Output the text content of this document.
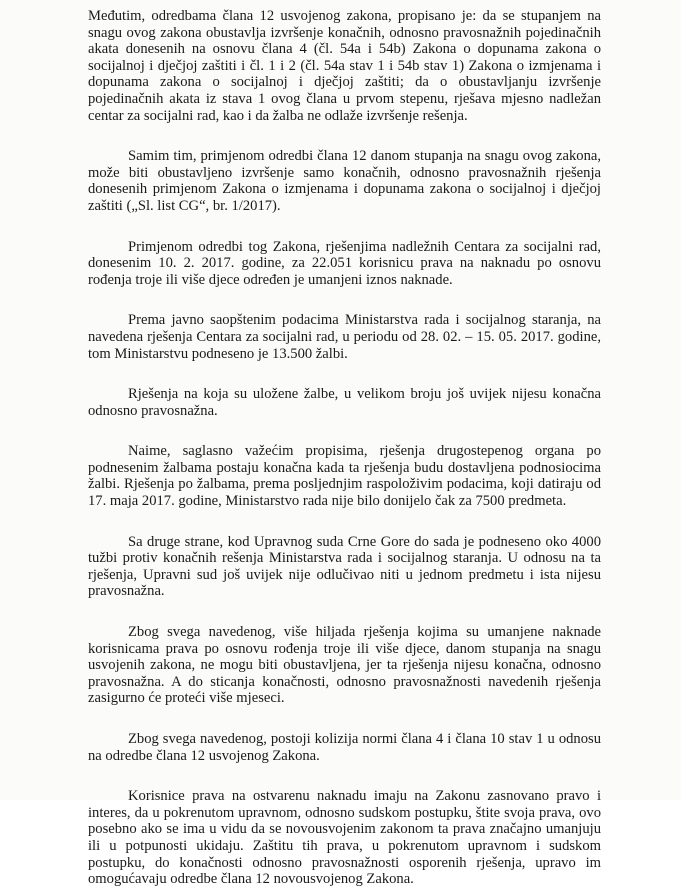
Međutim, odredbama člana 12 usvojenog zakona, propisano je: da se stupanjem na snagu ovog zakona obustavlja izvršenje konačnih, odnosno pravosnažnih pojedinačnih akata donesenih na osnovu člana 4 (čl. 54a i 54b) Zakona o dopunama zakona o socijalnoj i dječjoj zaštiti i čl. 1 i 2 (čl. 54a stav 1 i 54b stav 1) Zakona o izmjenama i dopunama zakona o socijalnoj i dječjoj zaštiti; da o obustavljanju izvršenje pojedinačnih akata iz stava 1 ovog člana u prvom stepenu, rješava mjesno nadležan centar za socijalni rad, kao i da žalba ne odlaže izvršenje rešenja.

Samim tim, primjenom odredbi člana 12 danom stupanja na snagu ovog zakona, može biti obustavljeno izvršenje samo konačnih, odnosno pravosnažnih rješenja donesenih primjenom Zakona o izmjenama i dopunama zakona o socijalnoj i dječjoj zaštiti („Sl. list CG“, br. 1/2017).

Primjenom odredbi tog Zakona, rješenjima nadležnih Centara za socijalni rad, donesenim 10. 2. 2017. godine, za 22.051 korisnicu prava na naknadu po osnovu rođenja troje ili više djece određen je umanjeni iznos naknade.

Prema javno saopštenim podacima Ministarstva rada i socijalnog staranja, na navedena rješenja Centara za socijalni rad, u periodu od 28. 02. – 15. 05. 2017. godine, tom Ministarstvu podneseno je 13.500 žalbi.

Rješenja na koja su uložene žalbe, u velikom broju još uvijek nijesu konačna odnosno pravosnažna.

Naime, saglasno važećim propisima, rješenja drugostepenog organa po podnesenim žalbama postaju konačna kada ta rješenja budu dostavljena podnosiocima žalbi. Rješenja po žalbama, prema posljednjim raspoloživim podacima, koji datiraju od 17. maja 2017. godine, Ministarstvo rada nije bilo donijelo čak za 7500 predmeta.

Sa druge strane, kod Upravnog suda Crne Gore do sada je podneseno oko 4000 tužbi protiv konačnih rešenja Ministarstva rada i socijalnog staranja. U odnosu na ta rješenja, Upravni sud još uvijek nije odlučivao niti u jednom predmetu i ista nijesu pravosnažna.

Zbog svega navedenog, više hiljada rješenja kojima su umanjene naknade korisnicama prava po osnovu rođenja troje ili više djece, danom stupanja na snagu usvojenih zakona, ne mogu biti obustavljena, jer ta rješenja nijesu konačna, odnosno pravosnažna. A do sticanja konačnosti, odnosno pravosnažnosti navedenih rješenja zasigurno će proteći više mjeseci.

Zbog svega navedenog, postoji kolizija normi člana 4 i člana 10 stav 1 u odnosu na odredbe člana 12 usvojenog Zakona.

Korisnice prava na ostvarenu naknadu imaju na Zakonu zasnovano pravo i interes, da u pokrenutom upravnom, odnosno sudskom postupku, štite svoja prava, ovo posebno ako se ima u vidu da se novousvojenim zakonom ta prava značajno umanjuju ili u potpunosti ukidaju. Zaštitu tih prava, u pokrenutom upravnom i sudskom postupku, do konačnosti odnosno pravosnažnosti osporenih rješenja, upravo im omogućavaju odredbe člana 12 novousvojenog Zakona.
